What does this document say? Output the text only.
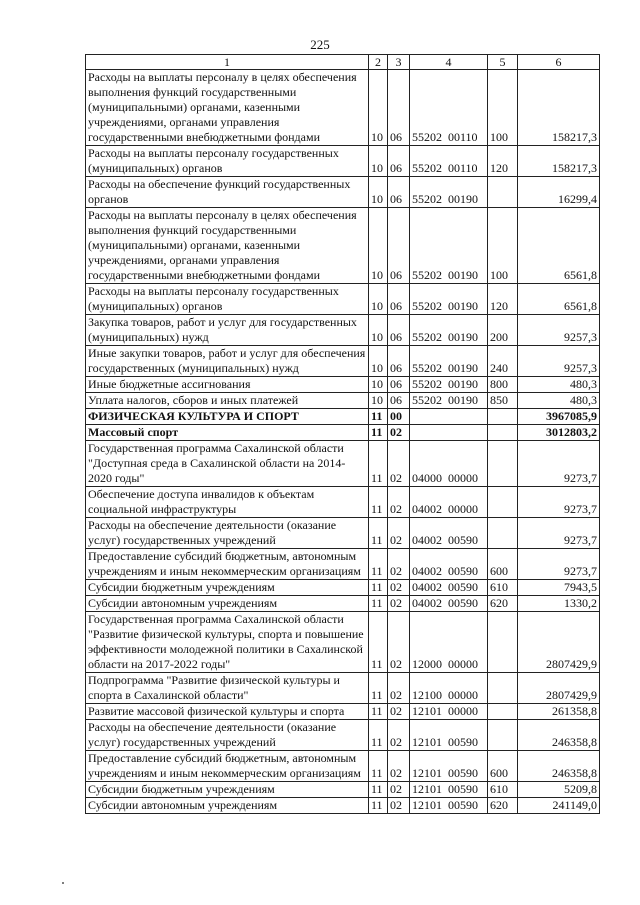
225
1	2	3	4	5	6
Расходы на выплаты персоналу в целях обеспечения выполнения функций государственными (муниципальными) органами, казенными учреждениями, органами управления государственными внебюджетными фондами	10	06	55202  00110	100	158217,3
Расходы на выплаты персоналу государственных (муниципальных) органов	10	06	55202  00110	120	158217,3
Расходы на обеспечение функций государственных органов	10	06	55202  00190		16299,4
Расходы на выплаты персоналу в целях обеспечения выполнения функций государственными (муниципальными) органами, казенными учреждениями, органами управления государственными внебюджетными фондами	10	06	55202  00190	100	6561,8
Расходы на выплаты персоналу государственных (муниципальных) органов	10	06	55202  00190	120	6561,8
Закупка товаров, работ и услуг для государственных (муниципальных) нужд	10	06	55202  00190	200	9257,3
Иные закупки товаров, работ и услуг для обеспечения государственных (муниципальных) нужд	10	06	55202  00190	240	9257,3
Иные бюджетные ассигнования	10	06	55202  00190	800	480,3
Уплата налогов, сборов и иных платежей	10	06	55202  00190	850	480,3
ФИЗИЧЕСКАЯ КУЛЬТУРА И СПОРТ	11	00			3967085,9
Массовый спорт	11	02			3012803,2
Государственная программа Сахалинской области "Доступная среда в Сахалинской области на 2014-2020 годы"	11	02	04000  00000		9273,7
Обеспечение доступа инвалидов к объектам социальной инфраструктуры	11	02	04002  00000		9273,7
Расходы на обеспечение деятельности (оказание услуг) государственных учреждений	11	02	04002  00590		9273,7
Предоставление субсидий бюджетным, автономным учреждениям и иным некоммерческим организациям	11	02	04002  00590	600	9273,7
Субсидии бюджетным учреждениям	11	02	04002  00590	610	7943,5
Субсидии автономным учреждениям	11	02	04002  00590	620	1330,2
Государственная программа Сахалинской области "Развитие физической культуры, спорта и повышение эффективности молодежной политики в Сахалинской области на 2017-2022 годы"	11	02	12000  00000		2807429,9
Подпрограмма "Развитие физической культуры и спорта в Сахалинской области"	11	02	12100  00000		2807429,9
Развитие массовой физической культуры и спорта	11	02	12101  00000		261358,8
Расходы на обеспечение деятельности (оказание услуг) государственных учреждений	11	02	12101  00590		246358,8
Предоставление субсидий бюджетным, автономным учреждениям и иным некоммерческим организациям	11	02	12101  00590	600	246358,8
Субсидии бюджетным учреждениям	11	02	12101  00590	610	5209,8
Субсидии автономным учреждениям	11	02	12101  00590	620	241149,0
